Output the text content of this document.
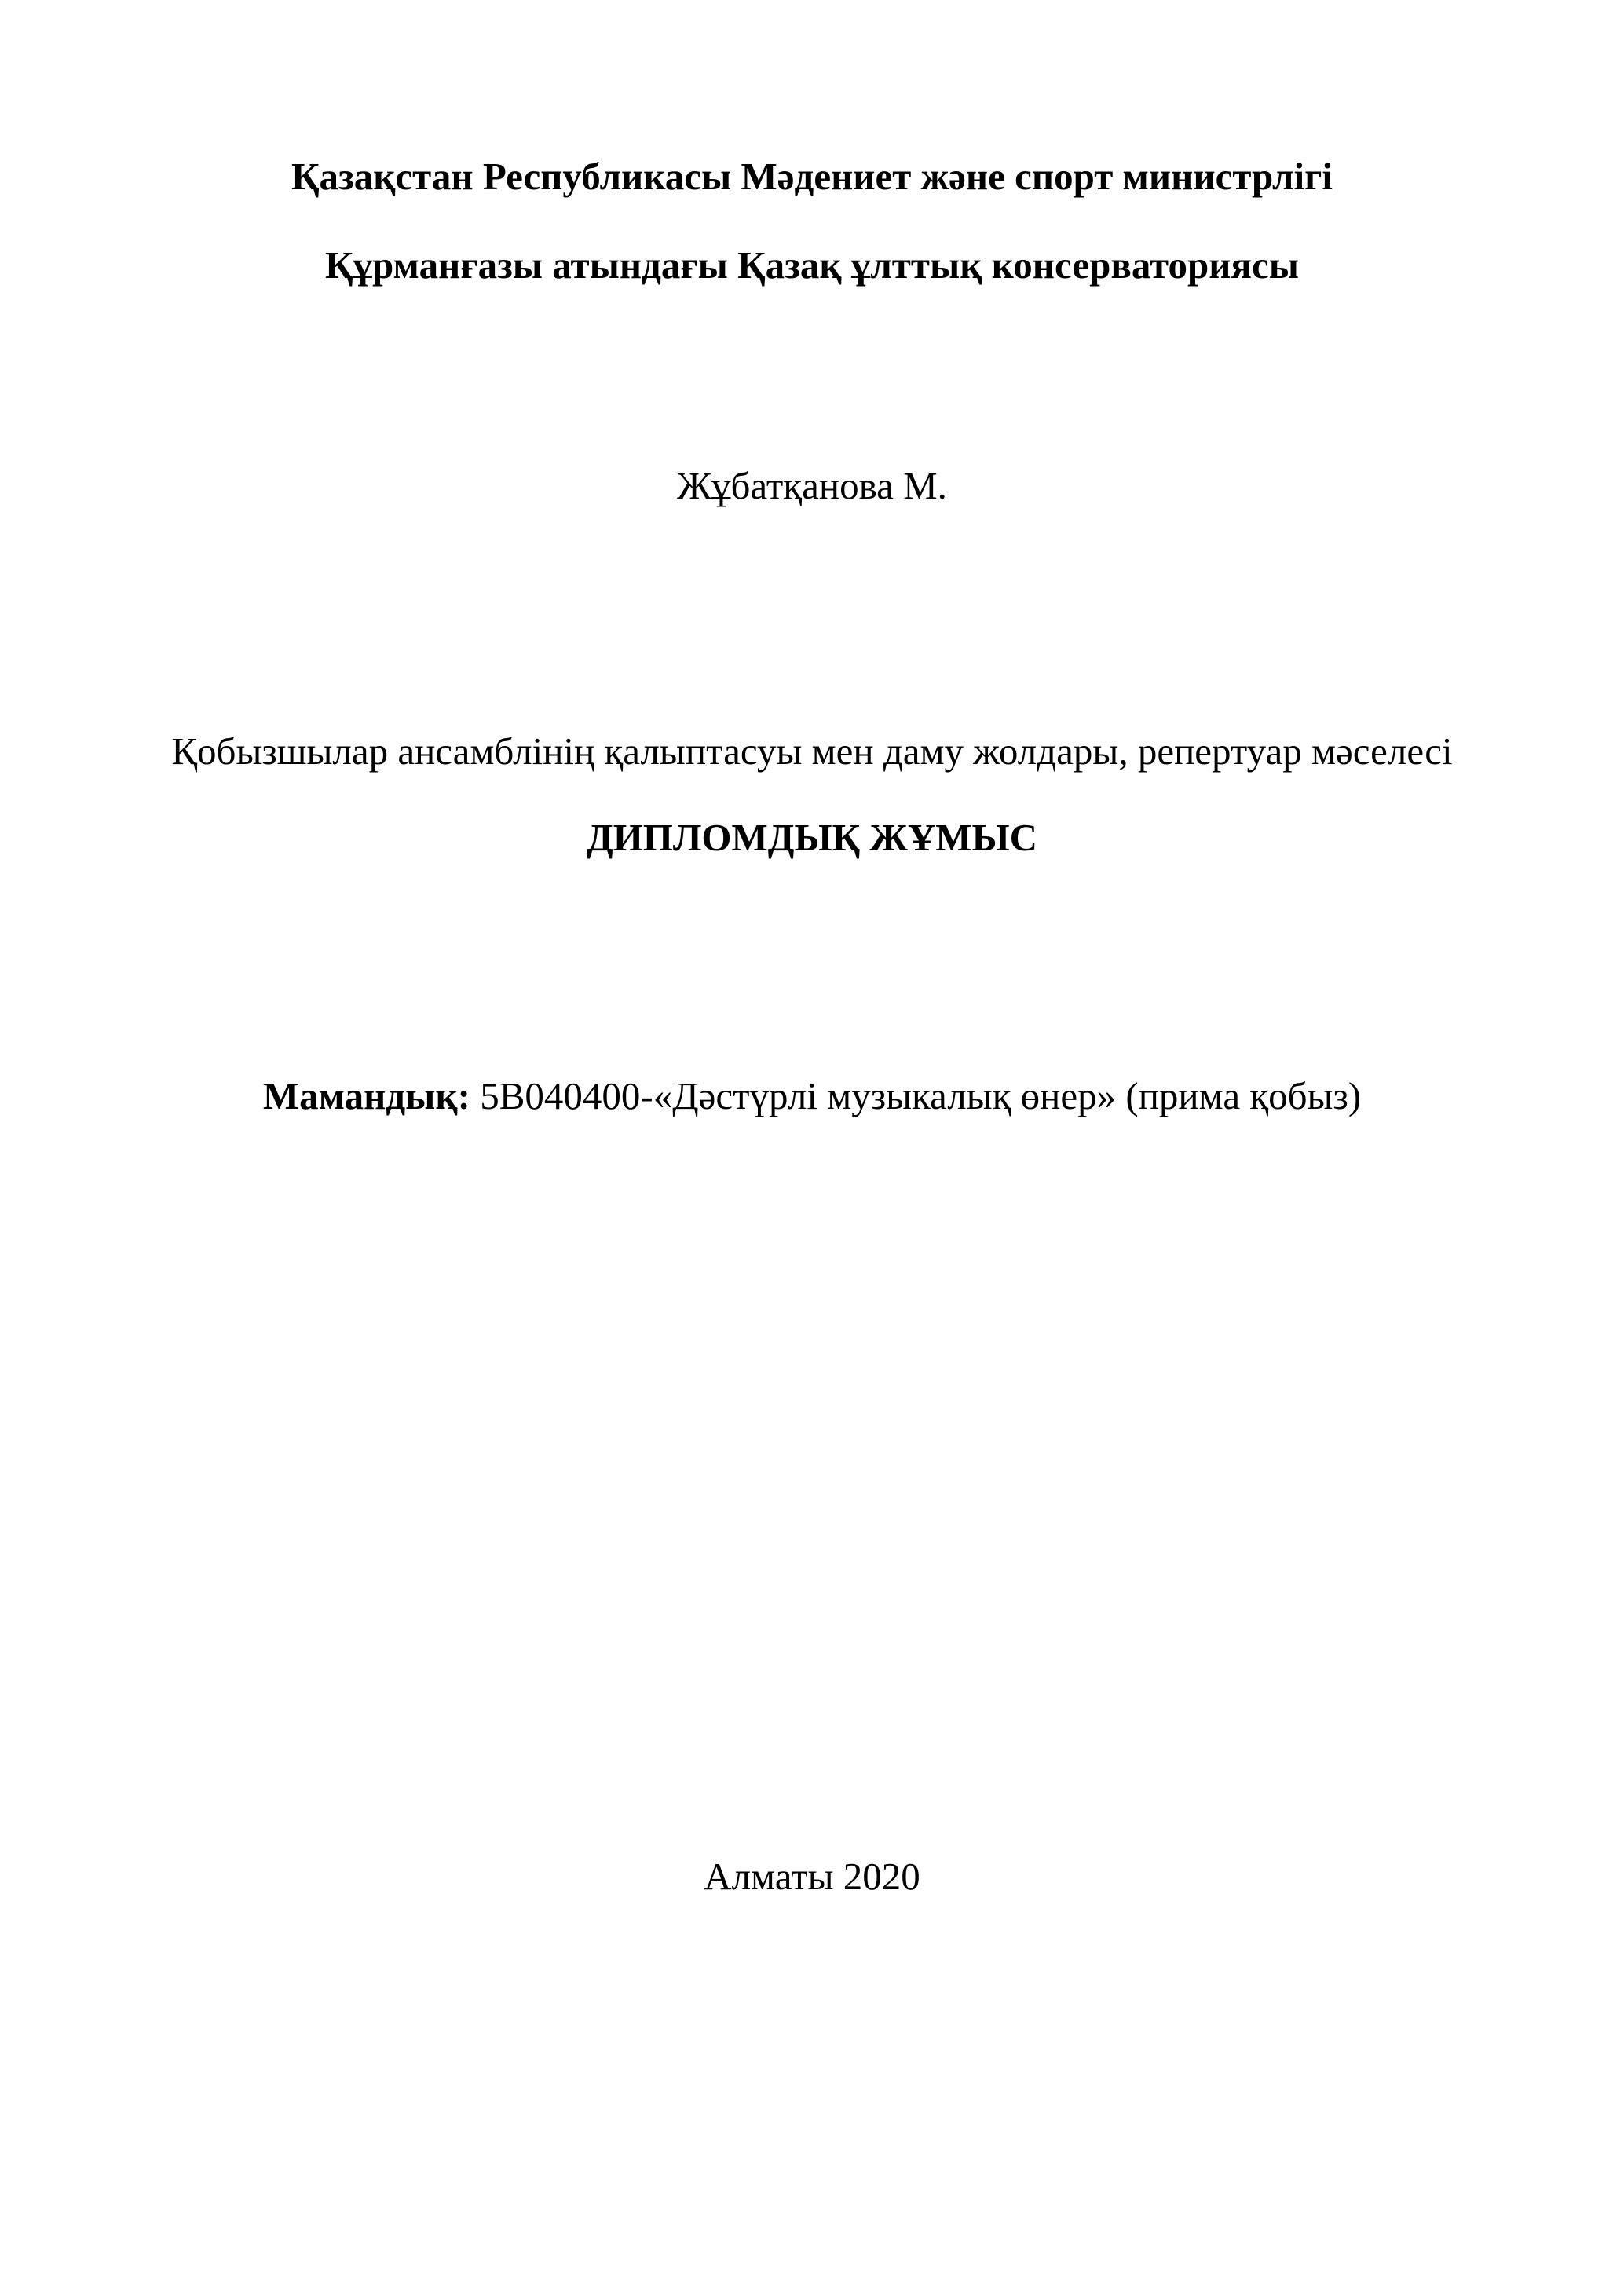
Қазақстан Республикасы Мәдениет және спорт министрлігі
Құрманғазы атындағы Қазақ ұлттық консерваториясы
Жұбатқанова М.
Қобызшылар ансамблінің қалыптасуы мен даму жолдары, репертуар мәселесі
ДИПЛОМДЫҚ ЖҰМЫС
Мамандық: 5В040400-«Дәстүрлі музыкалық өнер» (прима қобыз)
Алматы 2020
